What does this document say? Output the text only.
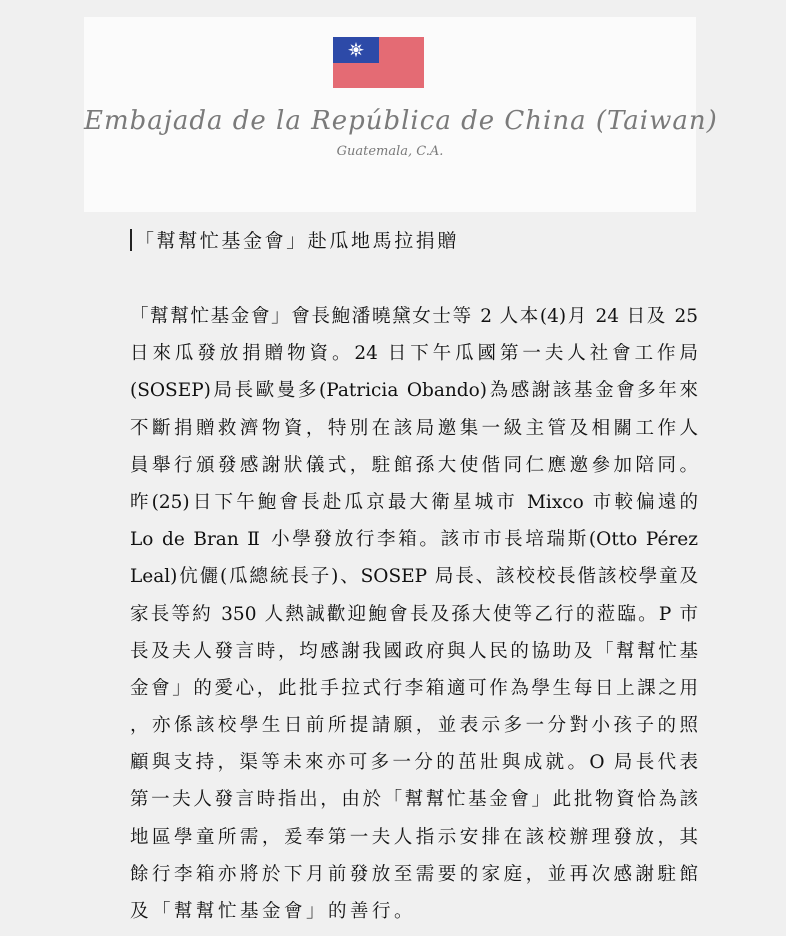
Embajada de la República de China (Taiwan)
Guatemala, C.A.
「幫幫忙基金會」赴瓜地馬拉捐贈
「幫幫忙基金會」會長鮑潘曉黛女士等 2 人本(4)月 24 日及 25
日來瓜發放捐贈物資。24 日下午瓜國第一夫人社會工作局
(SOSEP)局長歐曼多(Patricia Obando)為感謝該基金會多年來
不斷捐贈救濟物資，特別在該局邀集一級主管及相關工作人
員舉行頒發感謝狀儀式，駐館孫大使偕同仁應邀參加陪同。
昨(25)日下午鮑會長赴瓜京最大衛星城市 Mixco 市較偏遠的
Lo de Bran Ⅱ 小學發放行李箱。該市市長培瑞斯(Otto Pérez
Leal)伉儷(瓜總統長子)、SOSEP 局長、該校校長偕該校學童及
家長等約 350 人熱誠歡迎鮑會長及孫大使等乙行的蒞臨。P 市
長及夫人發言時，均感謝我國政府與人民的協助及「幫幫忙基
金會」的愛心，此批手拉式行李箱適可作為學生每日上課之用
，亦係該校學生日前所提請願，並表示多一分對小孩子的照
顧與支持，渠等未來亦可多一分的茁壯與成就。O 局長代表
第一夫人發言時指出，由於「幫幫忙基金會」此批物資恰為該
地區學童所需，爰奉第一夫人指示安排在該校辦理發放，其
餘行李箱亦將於下月前發放至需要的家庭，並再次感謝駐館
及「幫幫忙基金會」的善行。
